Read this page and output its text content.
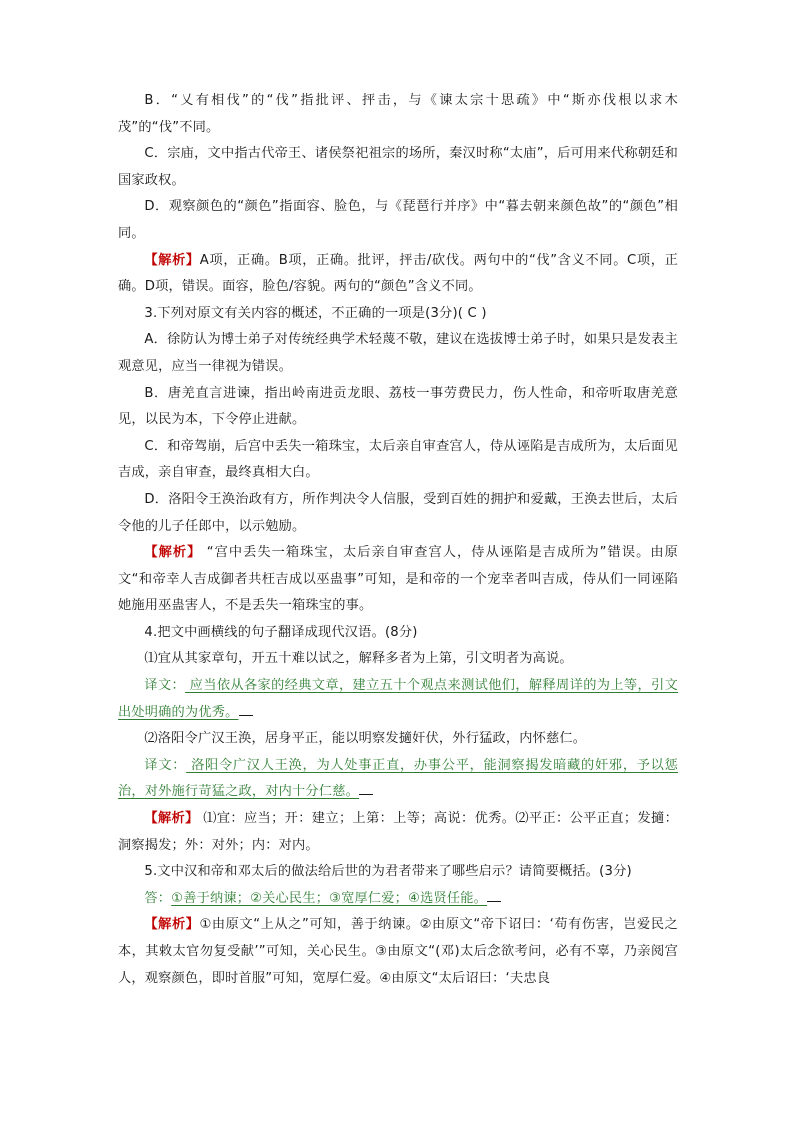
B．“乂有相伐”的“伐”指批评、抨击，与《谏太宗十思疏》中“斯亦伐根以求木茂”的“伐”不同。

C．宗庙，文中指古代帝王、诸侯祭祀祖宗的场所，秦汉时称“太庙”，后可用来代称朝廷和国家政权。

D．观察颜色的“颜色”指面容、脸色，与《琵琶行并序》中“暮去朝来颜色故”的“颜色”相同。

【解析】A项，正确。B项，正确。批评，抨击/砍伐。两句中的“伐”含义不同。C项，正确。D项，错误。面容，脸色/容貌。两句的“颜色”含义不同。

3.下列对原文有关内容的概述，不正确的一项是(3分)( C )

A．徐防认为博士弟子对传统经典学术轻蔑不敬，建议在选拔博士弟子时，如果只是发表主观意见，应当一律视为错误。

B．唐羌直言进谏，指出岭南进贡龙眼、荔枝一事劳费民力，伤人性命，和帝听取唐羌意见，以民为本，下令停止进献。

C．和帝驾崩，后宫中丢失一箱珠宝，太后亲自审查宫人，侍从诬陷是吉成所为，太后面见吉成，亲自审查，最终真相大白。

D．洛阳令王涣治政有方，所作判决令人信服，受到百姓的拥护和爱戴，王涣去世后，太后令他的儿子任郎中，以示勉励。

【解析】 “宫中丢失一箱珠宝，太后亲自审查宫人，侍从诬陷是吉成所为”错误。由原文“和帝幸人吉成御者共枉吉成以巫蛊事”可知，是和帝的一个宠幸者叫吉成，侍从们一同诬陷她施用巫蛊害人，不是丢失一箱珠宝的事。

4.把文中画横线的句子翻译成现代汉语。(8分)

⑴宜从其家章句，开五十难以试之，解释多者为上第，引文明者为高说。

译文： 应当依从各家的经典文章，建立五十个观点来测试他们，解释周详的为上等，引文出处明确的为优秀。

⑵洛阳令广汉王涣，居身平正，能以明察发擿奸伏，外行猛政，内怀慈仁。

译文： 洛阳令广汉人王涣，为人处事正直，办事公平，能洞察揭发暗藏的奸邪，予以惩治，对外施行苛猛之政，对内十分仁慈。

【解析】 ⑴宜：应当；开：建立；上第：上等；高说：优秀。⑵平正：公平正直；发擿：洞察揭发；外：对外；内：对内。

5.文中汉和帝和邓太后的做法给后世的为君者带来了哪些启示？请简要概括。(3分)

答：①善于纳谏；②关心民生；③宽厚仁爱；④选贤任能。

【解析】①由原文“上从之”可知，善于纳谏。②由原文“帝下诏曰：‘苟有伤害，岂爱民之本，其敕太官勿复受献’”可知，关心民生。③由原文“(邓)太后念欲考问，必有不辜，乃亲阅宫人，观察颜色，即时首服”可知，宽厚仁爱。④由原文“太后诏曰：‘夫忠良
